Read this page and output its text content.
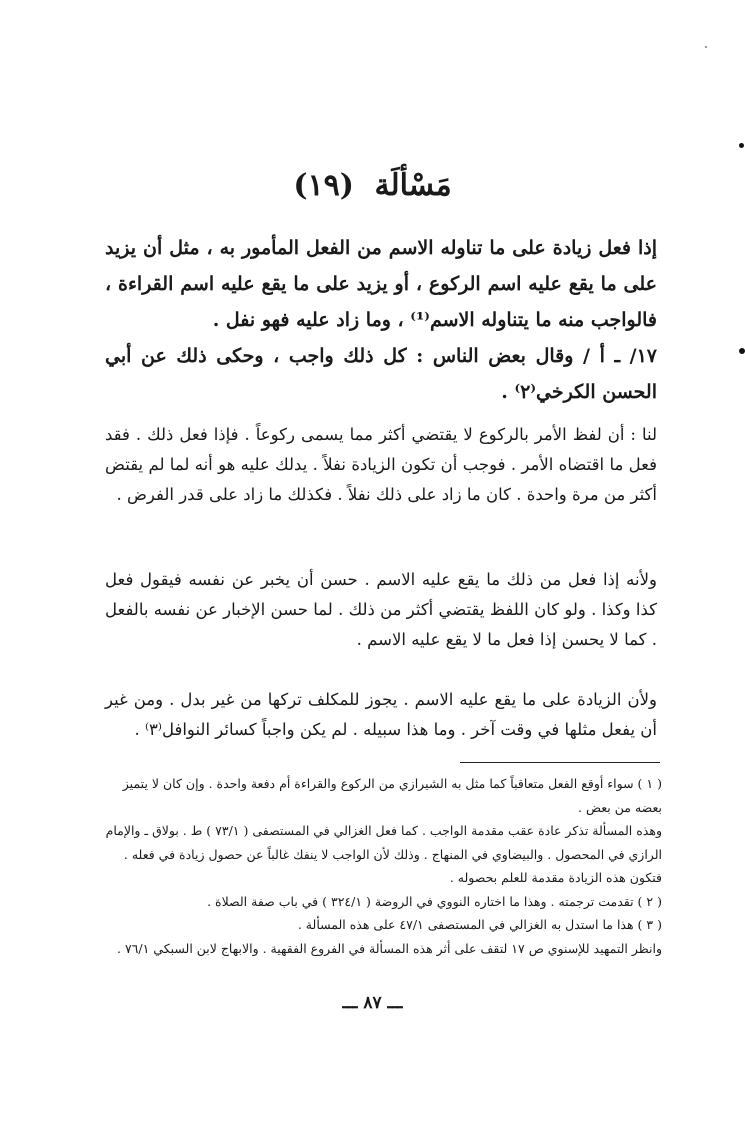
مَسْألَة (١٩)

إذا فعل زيادة على ما تناوله الاسم من الفعل المأمور به ، مثل أن يزيد على ما يقع عليه اسم الركوع ، أو يزيد على ما يقع عليه اسم القراءة ، فالواجب منه ما يتناوله الاسم⁽¹⁾ ، وما زاد عليه فهو نفل .

١٧/ ـ أ / وقال بعض الناس : كل ذلك واجب ، وحكى ذلك عن أبي الحسن الكرخي⁽٢⁾ .

لنا : أن لفظ الأمر بالركوع لا يقتضي أكثر مما يسمى ركوعاً . فإذا فعل ذلك . فقد فعل ما اقتضاه الأمر . فوجب أن تكون الزيادة نفلاً . يدلك عليه هو أنه لما لم يقتض أكثر من مرة واحدة . كان ما زاد على ذلك نفلاً . فكذلك ما زاد على قدر الفرض .

ولأنه إذا فعل من ذلك ما يقع عليه الاسم . حسن أن يخبر عن نفسه فيقول فعل كذا وكذا . ولو كان اللفظ يقتضي أكثر من ذلك . لما حسن الإخبار عن نفسه بالفعل . كما لا يحسن إذا فعل ما لا يقع عليه الاسم .

ولأن الزيادة على ما يقع عليه الاسم . يجوز للمكلف تركها من غير بدل . ومن غير أن يفعل مثلها في وقت آخر . وما هذا سبيله . لم يكن واجباً كسائر النوافل⁽٣⁾ .

( ١ ) سواء أوقع الفعل متعاقباً كما مثل به الشيرازي من الركوع والقراءة أم دفعة واحدة . وإن كان لا يتميز بعضه من بعض .

وهذه المسألة تذكر عادة عقب مقدمة الواجب . كما فعل الغزالي في المستصفى ( ٧٣/١ ) ط . بولاق ـ والإمام الرازي في المحصول . والبيضاوي في المنهاج . وذلك لأن الواجب لا ينفك غالباً عن حصول زيادة في فعله . فتكون هذه الزيادة مقدمة للعلم بحصوله .

( ٢ ) تقدمت ترجمته . وهذا ما اختاره النووي في الروضة ( ٣٢٤/١ ) في باب صفة الصلاة .

( ٣ ) هذا ما استدل به الغزالي في المستصفى ٤٧/١ على هذه المسألة .

وانظر التمهيد للإسنوي ص ١٧ لتقف على أثر هذه المسألة في الفروع الفقهية . والابهاج لابن السبكي ٧٦/١ .

ـــ ٨٧ ـــ
